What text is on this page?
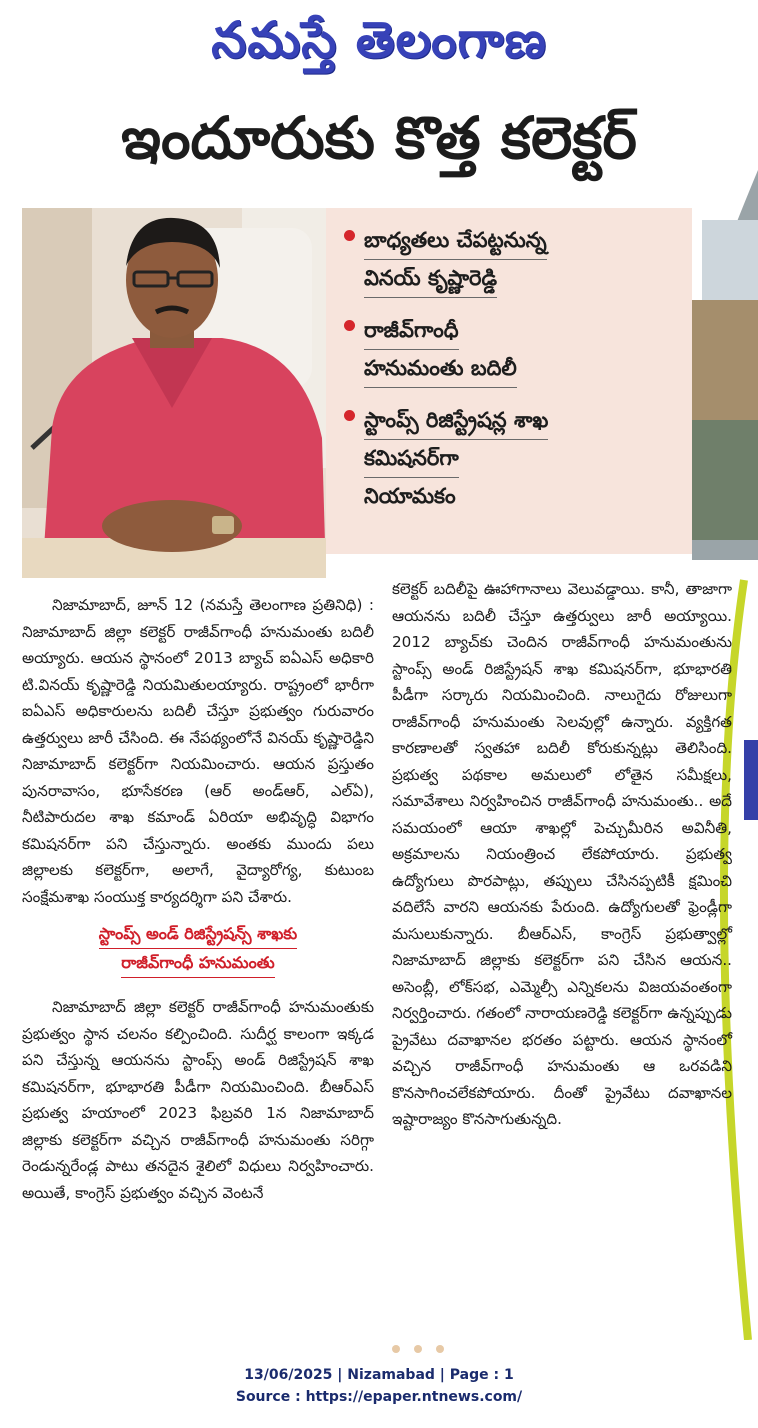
నమస్తే తెలంగాణ
ఇందూరుకు కొత్త కలెక్టర్
బాధ్యతలు చేపట్టనున్న
వినయ్ కృష్ణారెడ్డి
రాజీవ్‌గాంధీ
హనుమంతు బదిలీ
స్టాంప్స్ రిజిస్ట్రేషన్ల శాఖ
కమిషనర్‌గా
నియామకం

నిజామాబాద్, జూన్ 12 (నమస్తే తెలంగాణ ప్రతినిధి) : నిజామాబాద్ జిల్లా కలెక్టర్ రాజీవ్‌గాంధీ హనుమంతు బదిలీ అయ్యారు. ఆయన స్థానంలో 2013 బ్యాచ్ ఐఏఎస్ అధికారి టి.వినయ్ కృష్ణారెడ్డి నియమితులయ్యారు. రాష్ట్రంలో భారీగా ఐఏఎస్ అధికారులను బదిలీ చేస్తూ ప్రభుత్వం గురువారం ఉత్తర్వులు జారీ చేసింది. ఈ నేపథ్యంలోనే వినయ్ కృష్ణారెడ్డిని నిజామాబాద్ కలెక్టర్‌గా నియమించారు. ఆయన ప్రస్తుతం పునరావాసం, భూసేకరణ (ఆర్ అండ్‌ఆర్, ఎల్ఏ), నీటిపారుదల శాఖ కమాండ్ ఏరియా అభివృద్ధి విభాగం కమిషనర్‌గా పని చేస్తున్నారు. అంతకు ముందు పలు జిల్లాలకు కలెక్టర్‌గా, అలాగే, వైద్యారోగ్య, కుటుంబ సంక్షేమశాఖ సంయుక్త కార్యదర్శిగా పని చేశారు.

స్టాంప్స్ అండ్ రిజిస్ట్రేషన్స్ శాఖకు
రాజీవ్‌గాంధీ హనుమంతు

నిజామాబాద్ జిల్లా కలెక్టర్ రాజీవ్‌గాంధీ హనుమంతుకు ప్రభుత్వం స్థాన చలనం కల్పించింది. సుదీర్ఘ కాలంగా ఇక్కడ పని చేస్తున్న ఆయనను స్టాంప్స్ అండ్ రిజిస్ట్రేషన్ శాఖ కమిషనర్‌గా, భూభారతి పీడీగా నియమించింది. బీఆర్ఎస్ ప్రభుత్వ హయాంలో 2023 ఫిబ్రవరి 1న నిజామాబాద్ జిల్లాకు కలెక్టర్‌గా వచ్చిన రాజీవ్‌గాంధీ హనుమంతు సరిగ్గా రెండున్నరేండ్ల పాటు తనదైన శైలిలో విధులు నిర్వహించారు. అయితే, కాంగ్రెస్ ప్రభుత్వం వచ్చిన వెంటనే

కలెక్టర్ బదిలీపై ఊహాగానాలు వెలువడ్డాయి. కానీ, తాజాగా ఆయనను బదిలీ చేస్తూ ఉత్తర్వులు జారీ అయ్యాయి. 2012 బ్యాచ్‌కు చెందిన రాజీవ్‌గాంధీ హనుమంతును స్టాంప్స్ అండ్ రిజిస్ట్రేషన్ శాఖ కమిషనర్‌గా, భూభారతి పీడీగా సర్కారు నియమించింది. నాలుగైదు రోజులుగా రాజీవ్‌గాంధీ హనుమంతు సెలవుల్లో ఉన్నారు. వ్యక్తిగత కారణాలతో స్వతహా బదిలీ కోరుకున్నట్లు తెలిసింది. ప్రభుత్వ పథకాల అమలులో లోతైన సమీక్షలు, సమావేశాలు నిర్వహించిన రాజీవ్‌గాంధీ హనుమంతు.. అదే సమయంలో ఆయా శాఖల్లో పెచ్చుమీరిన అవినీతి, అక్రమాలను నియంత్రించ లేకపోయారు. ప్రభుత్వ ఉద్యోగులు పొరపాట్లు, తప్పులు చేసినప్పటికీ క్షమించి వదిలేసే వారని ఆయనకు పేరుంది. ఉద్యోగులతో ఫ్రెండ్లీగా మసులుకున్నారు. బీఆర్ఎస్, కాంగ్రెస్ ప్రభుత్వాల్లో నిజామాబాద్ జిల్లాకు కలెక్టర్‌గా పని చేసిన ఆయన.. అసెంబ్లీ, లోక్‌సభ, ఎమ్మెల్సీ ఎన్నికలను విజయవంతంగా నిర్వర్తించారు. గతంలో నారాయణరెడ్డి కలెక్టర్‌గా ఉన్నప్పుడు ప్రైవేటు దవాఖానల భరతం పట్టారు. ఆయన స్థానంలో వచ్చిన రాజీవ్‌గాంధీ హనుమంతు ఆ ఒరవడిని కొనసాగించలేకపోయారు. దీంతో ప్రైవేటు దవాఖానల ఇష్టారాజ్యం కొనసాగుతున్నది.

13/06/2025 | Nizamabad | Page : 1
Source : https://epaper.ntnews.com/
